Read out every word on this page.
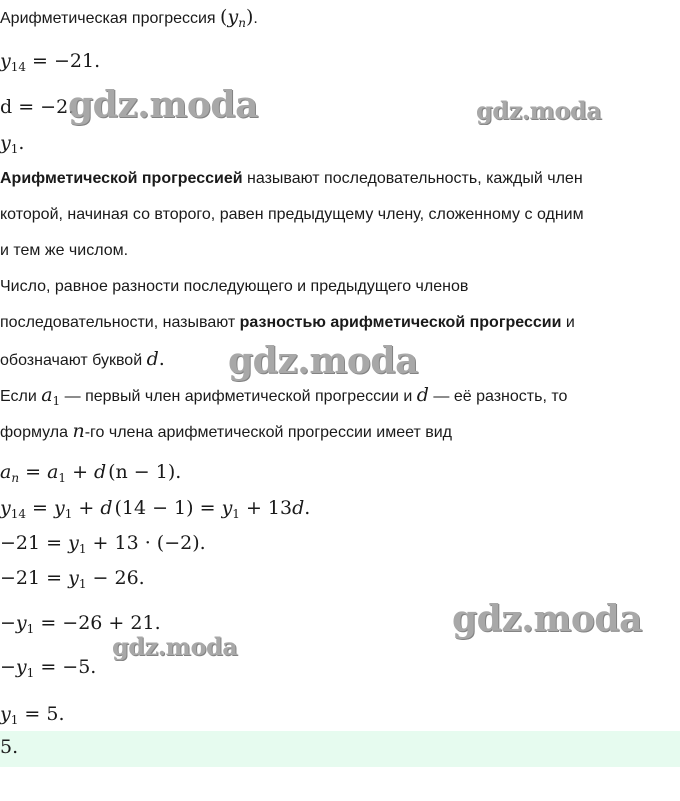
Арифметическая прогрессия $(y_n)$.
$y_{14} = -21$.
d = −2.
$y_1$.
Арифметической прогрессией называют последовательность, каждый член
которой, начиная со второго, равен предыдущему члену, сложенному с одним
и тем же числом.
Число, равное разности последующего и предыдущего членов
последовательности, называют разностью арифметической прогрессии и
обозначают буквой d.
Если $a_1$ — первый член арифметической прогрессии и d — её разность, то
формула n-го члена арифметической прогрессии имеет вид
$a_n = a_1 + d$  (n − 1).
$y_{14} = y_1 + d$  $(14 - 1) = y_1 + 13d$.
$-21 = y_1 + 13 \cdot (-2)$.
$-21 = y_1 - 26$.
$-y_1 = -26 + 21$.
$-y_1 = -5$.
$y_1 = 5$.
5.
gdz.moda	gdz.moda
gdz.moda
gdz.moda
gdz.moda
